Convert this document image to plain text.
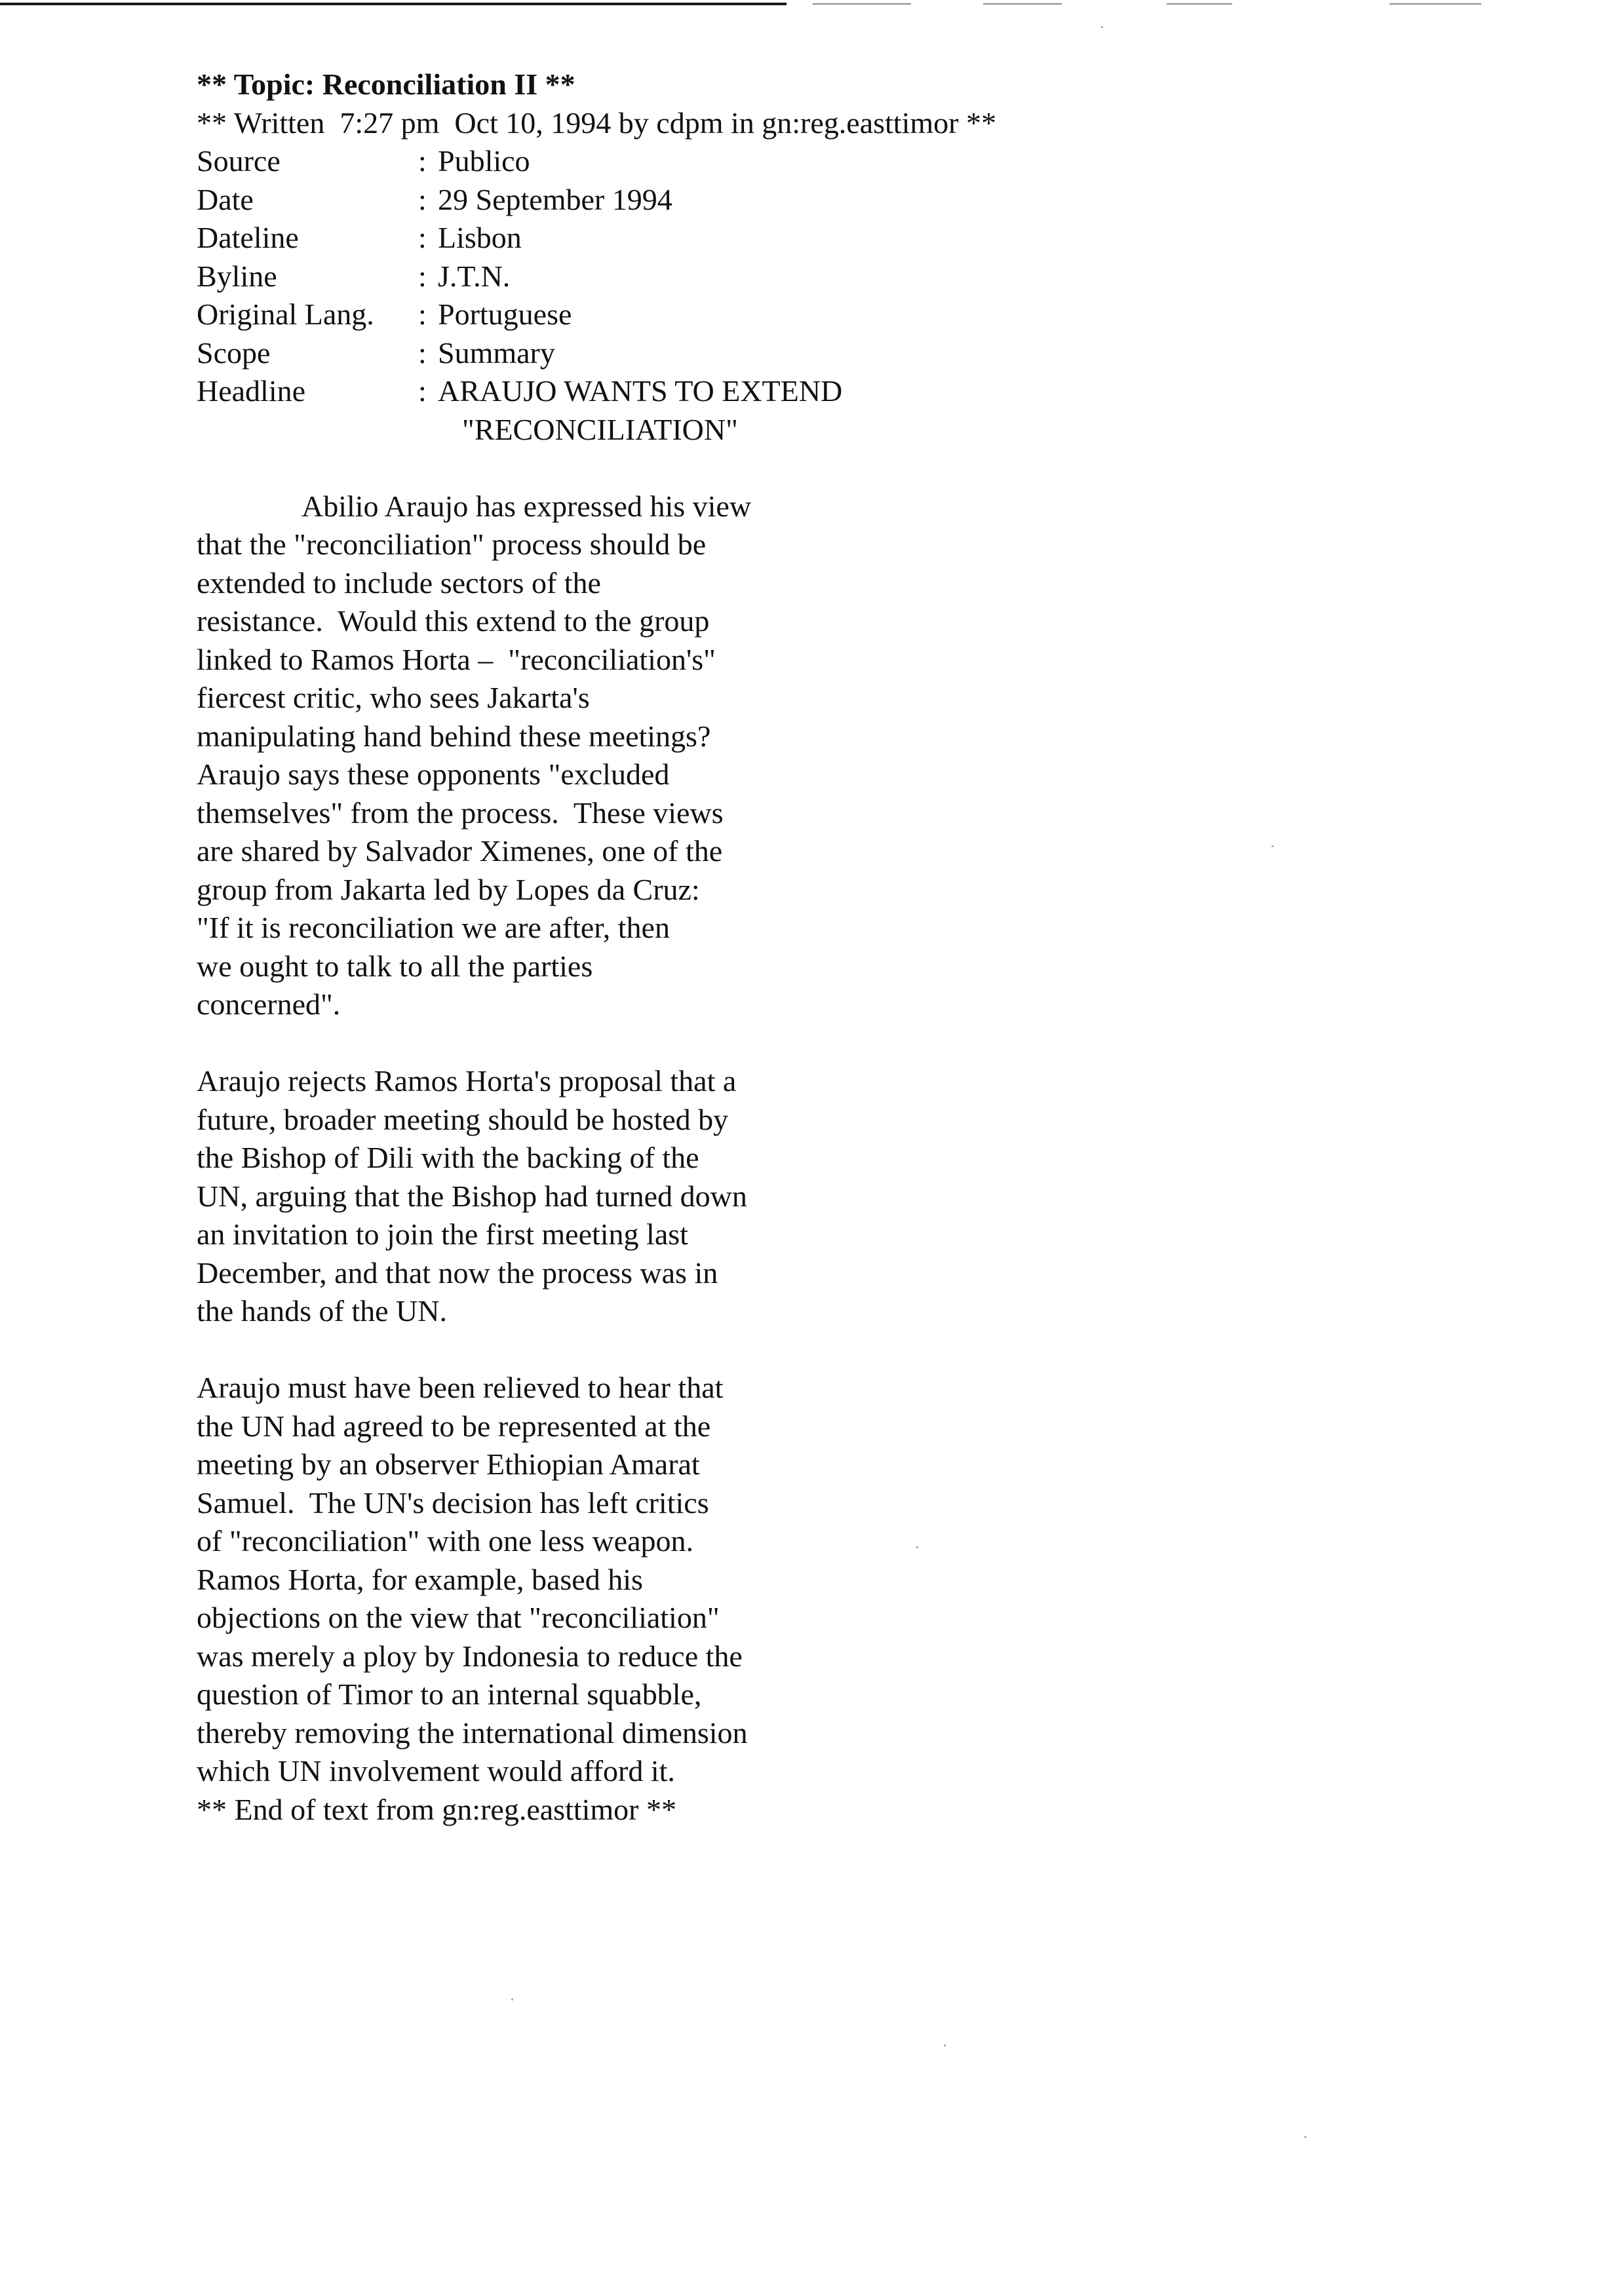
** Topic: Reconciliation II **
** Written  7:27 pm  Oct 10, 1994 by cdpm in gn:reg.easttimor **
Source	: Publico
Date	: 29 September 1994
Dateline	: Lisbon
Byline	: J.T.N.
Original Lang.	: Portuguese
Scope	: Summary
Headline	: ARAUJO WANTS TO EXTEND
"RECONCILIATION"
Abilio Araujo has expressed his view
that the "reconciliation" process should be
extended to include sectors of the
resistance.  Would this extend to the group
linked to Ramos Horta –  "reconciliation's"
fiercest critic, who sees Jakarta's
manipulating hand behind these meetings?
Araujo says these opponents "excluded
themselves" from the process.  These views
are shared by Salvador Ximenes, one of the
group from Jakarta led by Lopes da Cruz:
"If it is reconciliation we are after, then
we ought to talk to all the parties
concerned".
Araujo rejects Ramos Horta's proposal that a
future, broader meeting should be hosted by
the Bishop of Dili with the backing of the
UN, arguing that the Bishop had turned down
an invitation to join the first meeting last
December, and that now the process was in
the hands of the UN.
Araujo must have been relieved to hear that
the UN had agreed to be represented at the
meeting by an observer Ethiopian Amarat
Samuel.  The UN's decision has left critics
of "reconciliation" with one less weapon.
Ramos Horta, for example, based his
objections on the view that "reconciliation"
was merely a ploy by Indonesia to reduce the
question of Timor to an internal squabble,
thereby removing the international dimension
which UN involvement would afford it.
** End of text from gn:reg.easttimor **
